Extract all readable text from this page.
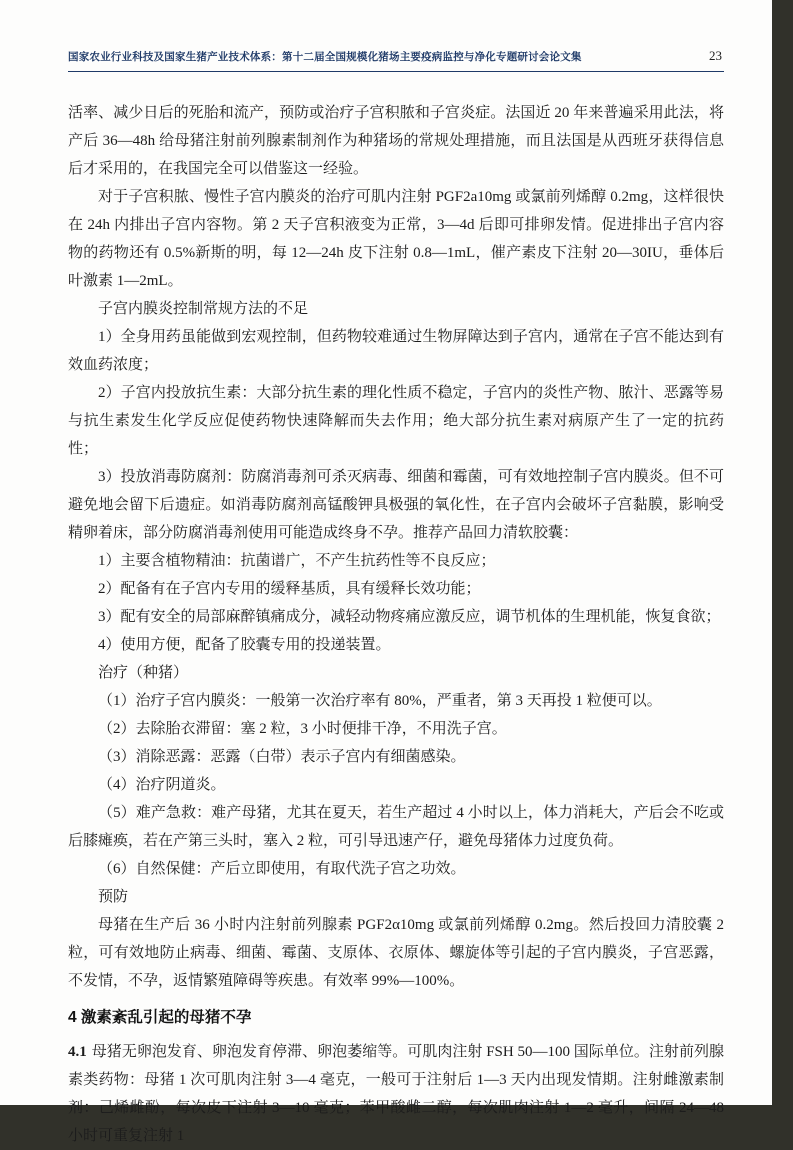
国家农业行业科技及国家生猪产业技术体系：第十二届全国规模化猪场主要疫病监控与净化专题研讨会论文集	23

活率、减少日后的死胎和流产，预防或治疗子宫积脓和子宫炎症。法国近 20 年来普遍采用此法，将产后 36—48h 给母猪注射前列腺素制剂作为种猪场的常规处理措施，而且法国是从西班牙获得信息后才采用的，在我国完全可以借鉴这一经验。

对于子宫积脓、慢性子宫内膜炎的治疗可肌内注射 PGF2a10mg 或氯前列烯醇 0.2mg，这样很快在 24h 内排出子宫内容物。第 2 天子宫积液变为正常，3—4d 后即可排卵发情。促进排出子宫内容物的药物还有 0.5%新斯的明，每 12—24h 皮下注射 0.8—1mL，催产素皮下注射 20—30IU，垂体后叶激素 1—2mL。

子宫内膜炎控制常规方法的不足

1）全身用药虽能做到宏观控制，但药物较难通过生物屏障达到子宫内，通常在子宫不能达到有效血药浓度；

2）子宫内投放抗生素：大部分抗生素的理化性质不稳定，子宫内的炎性产物、脓汁、恶露等易与抗生素发生化学反应促使药物快速降解而失去作用；绝大部分抗生素对病原产生了一定的抗药性；

3）投放消毒防腐剂：防腐消毒剂可杀灭病毒、细菌和霉菌，可有效地控制子宫内膜炎。但不可避免地会留下后遗症。如消毒防腐剂高锰酸钾具极强的氧化性，在子宫内会破坏子宫黏膜，影响受精卵着床，部分防腐消毒剂使用可能造成终身不孕。推荐产品回力清软胶囊：

1）主要含植物精油：抗菌谱广，不产生抗药性等不良反应；

2）配备有在子宫内专用的缓释基质，具有缓释长效功能；

3）配有安全的局部麻醉镇痛成分，减轻动物疼痛应激反应，调节机体的生理机能，恢复食欲；

4）使用方便，配备了胶囊专用的投递装置。

治疗（种猪）

（1）治疗子宫内膜炎：一般第一次治疗率有 80%，严重者，第 3 天再投 1 粒便可以。

（2）去除胎衣滞留：塞 2 粒，3 小时便排干净，不用洗子宫。

（3）消除恶露：恶露（白带）表示子宫内有细菌感染。

（4）治疗阴道炎。

（5）难产急救：难产母猪，尤其在夏天，若生产超过 4 小时以上，体力消耗大，产后会不吃或后膝瘫痪，若在产第三头时，塞入 2 粒，可引导迅速产仔，避免母猪体力过度负荷。

（6）自然保健：产后立即使用，有取代洗子宫之功效。

预防

母猪在生产后 36 小时内注射前列腺素 PGF2α10mg 或氯前列烯醇 0.2mg。然后投回力清胶囊 2 粒，可有效地防止病毒、细菌、霉菌、支原体、衣原体、螺旋体等引起的子宫内膜炎，子宫恶露，不发情，不孕，返情繁殖障碍等疾患。有效率 99%—100%。

4 激素紊乱引起的母猪不孕

4.1 母猪无卵泡发育、卵泡发育停滞、卵泡萎缩等。可肌肉注射 FSH 50—100 国际单位。注射前列腺素类药物：母猪 1 次可肌肉注射 3—4 毫克，一般可于注射后 1—3 天内出现发情期。注射雌激素制剂：己烯雌酚，每次皮下注射 3—10 毫克；苯甲酸雌二醇，每次肌肉注射 1—2 毫升，间隔 24—48 小时可重复注射 1
